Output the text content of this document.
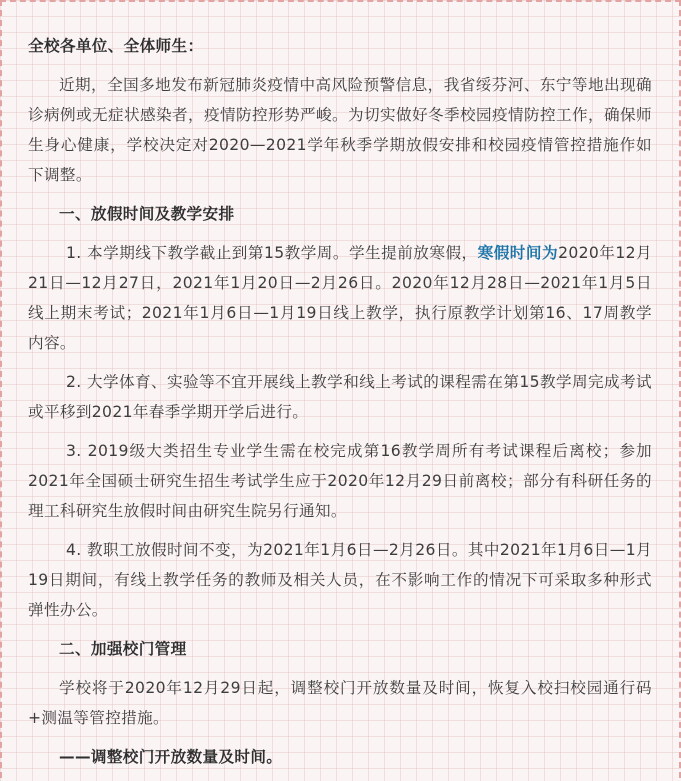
全校各单位、全体师生：

近期，全国多地发布新冠肺炎疫情中高风险预警信息，我省绥芬河、东宁等地出现确诊病例或无症状感染者，疫情防控形势严峻。为切实做好冬季校园疫情防控工作，确保师生身心健康，学校决定对2020—2021学年秋季学期放假安排和校园疫情管控措施作如下调整。

一、放假时间及教学安排

1. 本学期线下教学截止到第15教学周。学生提前放寒假，寒假时间为2020年12月21日—12月27日，2021年1月20日—2月26日。2020年12月28日—2021年1月5日线上期末考试；2021年1月6日—1月19日线上教学，执行原教学计划第16、17周教学内容。

2. 大学体育、实验等不宜开展线上教学和线上考试的课程需在第15教学周完成考试或平移到2021年春季学期开学后进行。

3. 2019级大类招生专业学生需在校完成第16教学周所有考试课程后离校；参加2021年全国硕士研究生招生考试学生应于2020年12月29日前离校；部分有科研任务的理工科研究生放假时间由研究生院另行通知。

4. 教职工放假时间不变，为2021年1月6日—2月26日。其中2021年1月6日—1月19日期间，有线上教学任务的教师及相关人员，在不影响工作的情况下可采取多种形式弹性办公。

二、加强校门管理

学校将于2020年12月29日起，调整校门开放数量及时间，恢复入校扫校园通行码+测温等管控措施。

——调整校门开放数量及时间。
